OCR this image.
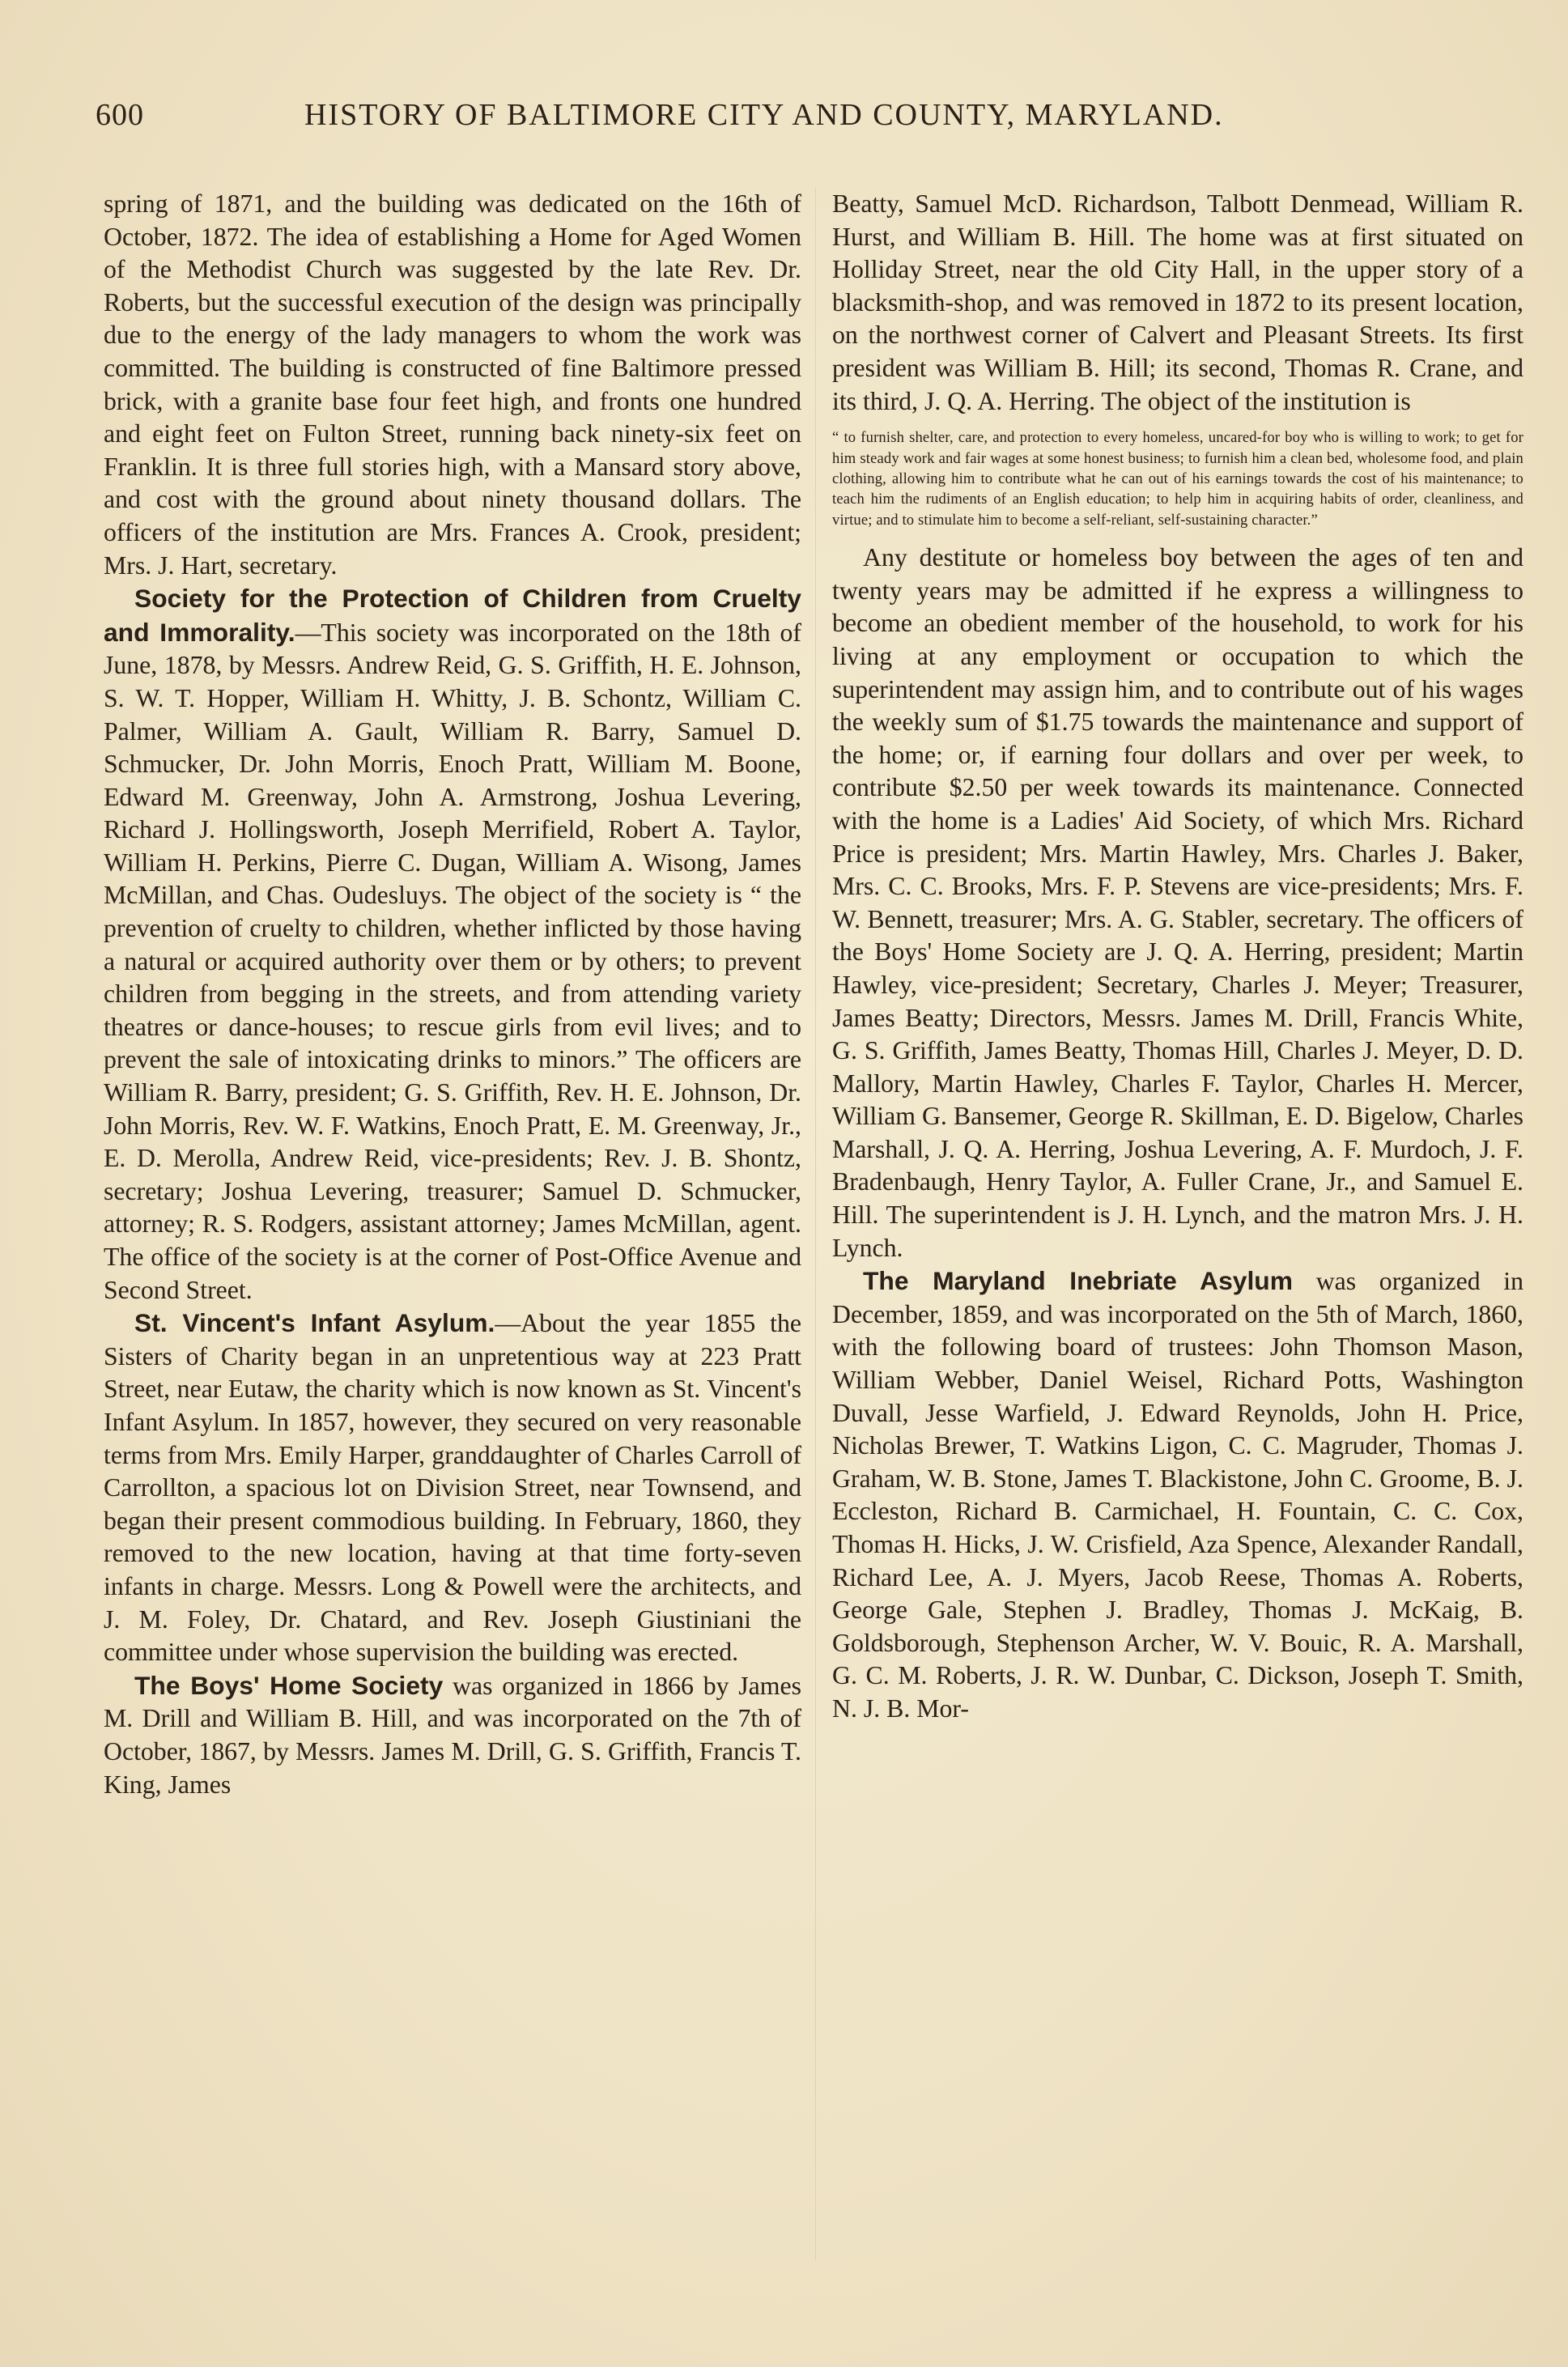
600	HISTORY OF BALTIMORE CITY AND COUNTY, MARYLAND.

spring of 1871, and the building was dedicated on the 16th of October, 1872. The idea of establishing a Home for Aged Women of the Methodist Church was suggested by the late Rev. Dr. Roberts, but the successful execution of the design was principally due to the energy of the lady managers to whom the work was committed. The building is constructed of fine Baltimore pressed brick, with a granite base four feet high, and fronts one hundred and eight feet on Fulton Street, running back ninety-six feet on Franklin. It is three full stories high, with a Mansard story above, and cost with the ground about ninety thousand dollars. The officers of the institution are Mrs. Frances A. Crook, president; Mrs. J. Hart, secretary.

Society for the Protection of Children from Cruelty and Immorality.—This society was incorporated on the 18th of June, 1878, by Messrs. Andrew Reid, G. S. Griffith, H. E. Johnson, S. W. T. Hopper, William H. Whitty, J. B. Schontz, William C. Palmer, William A. Gault, William R. Barry, Samuel D. Schmucker, Dr. John Morris, Enoch Pratt, William M. Boone, Edward M. Greenway, John A. Armstrong, Joshua Levering, Richard J. Hollingsworth, Joseph Merrifield, Robert A. Taylor, William H. Perkins, Pierre C. Dugan, William A. Wisong, James McMillan, and Chas. Oudesluys. The object of the society is “ the prevention of cruelty to children, whether inflicted by those having a natural or acquired authority over them or by others; to prevent children from begging in the streets, and from attending variety theatres or dance-houses; to rescue girls from evil lives; and to prevent the sale of intoxicating drinks to minors.” The officers are William R. Barry, president; G. S. Griffith, Rev. H. E. Johnson, Dr. John Morris, Rev. W. F. Watkins, Enoch Pratt, E. M. Greenway, Jr., E. D. Merolla, Andrew Reid, vice-presidents; Rev. J. B. Shontz, secretary; Joshua Levering, treasurer; Samuel D. Schmucker, attorney; R. S. Rodgers, assistant attorney; James McMillan, agent. The office of the society is at the corner of Post-Office Avenue and Second Street.

St. Vincent's Infant Asylum.—About the year 1855 the Sisters of Charity began in an unpretentious way at 223 Pratt Street, near Eutaw, the charity which is now known as St. Vincent's Infant Asylum. In 1857, however, they secured on very reasonable terms from Mrs. Emily Harper, granddaughter of Charles Carroll of Carrollton, a spacious lot on Division Street, near Townsend, and began their present commodious building. In February, 1860, they removed to the new location, having at that time forty-seven infants in charge. Messrs. Long & Powell were the architects, and J. M. Foley, Dr. Chatard, and Rev. Joseph Giustiniani the committee under whose supervision the building was erected.

The Boys' Home Society was organized in 1866 by James M. Drill and William B. Hill, and was incorporated on the 7th of October, 1867, by Messrs. James M. Drill, G. S. Griffith, Francis T. King, James

Beatty, Samuel McD. Richardson, Talbott Denmead, William R. Hurst, and William B. Hill. The home was at first situated on Holliday Street, near the old City Hall, in the upper story of a blacksmith-shop, and was removed in 1872 to its present location, on the northwest corner of Calvert and Pleasant Streets. Its first president was William B. Hill; its second, Thomas R. Crane, and its third, J. Q. A. Herring. The object of the institution is

“ to furnish shelter, care, and protection to every homeless, uncared-for boy who is willing to work; to get for him steady work and fair wages at some honest business; to furnish him a clean bed, wholesome food, and plain clothing, allowing him to contribute what he can out of his earnings towards the cost of his maintenance; to teach him the rudiments of an English education; to help him in acquiring habits of order, cleanliness, and virtue; and to stimulate him to become a self-reliant, self-sustaining character.”

Any destitute or homeless boy between the ages of ten and twenty years may be admitted if he express a willingness to become an obedient member of the household, to work for his living at any employment or occupation to which the superintendent may assign him, and to contribute out of his wages the weekly sum of $1.75 towards the maintenance and support of the home; or, if earning four dollars and over per week, to contribute $2.50 per week towards its maintenance. Connected with the home is a Ladies' Aid Society, of which Mrs. Richard Price is president; Mrs. Martin Hawley, Mrs. Charles J. Baker, Mrs. C. C. Brooks, Mrs. F. P. Stevens are vice-presidents; Mrs. F. W. Bennett, treasurer; Mrs. A. G. Stabler, secretary. The officers of the Boys' Home Society are J. Q. A. Herring, president; Martin Hawley, vice-president; Secretary, Charles J. Meyer; Treasurer, James Beatty; Directors, Messrs. James M. Drill, Francis White, G. S. Griffith, James Beatty, Thomas Hill, Charles J. Meyer, D. D. Mallory, Martin Hawley, Charles F. Taylor, Charles H. Mercer, William G. Bansemer, George R. Skillman, E. D. Bigelow, Charles Marshall, J. Q. A. Herring, Joshua Levering, A. F. Murdoch, J. F. Bradenbaugh, Henry Taylor, A. Fuller Crane, Jr., and Samuel E. Hill. The superintendent is J. H. Lynch, and the matron Mrs. J. H. Lynch.

The Maryland Inebriate Asylum was organized in December, 1859, and was incorporated on the 5th of March, 1860, with the following board of trustees: John Thomson Mason, William Webber, Daniel Weisel, Richard Potts, Washington Duvall, Jesse Warfield, J. Edward Reynolds, John H. Price, Nicholas Brewer, T. Watkins Ligon, C. C. Magruder, Thomas J. Graham, W. B. Stone, James T. Blackistone, John C. Groome, B. J. Eccleston, Richard B. Carmichael, H. Fountain, C. C. Cox, Thomas H. Hicks, J. W. Crisfield, Aza Spence, Alexander Randall, Richard Lee, A. J. Myers, Jacob Reese, Thomas A. Roberts, George Gale, Stephen J. Bradley, Thomas J. McKaig, B. Goldsborough, Stephenson Archer, W. V. Bouic, R. A. Marshall, G. C. M. Roberts, J. R. W. Dunbar, C. Dickson, Joseph T. Smith, N. J. B. Mor-
